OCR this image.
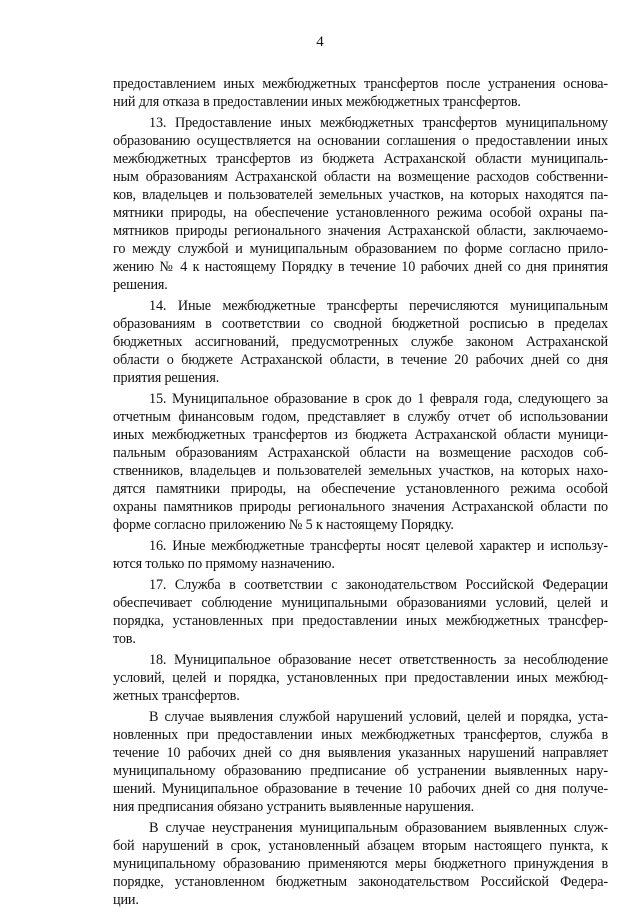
4
предоставлением иных межбюджетных трансфертов после устранения основа-
ний для отказа в предоставлении иных межбюджетных трансфертов.
13. Предоставление иных межбюджетных трансфертов муниципальному
образованию осуществляется на основании соглашения о предоставлении иных
межбюджетных трансфертов из бюджета Астраханской области муниципаль-
ным образованиям Астраханской области на возмещение расходов собственни-
ков, владельцев и пользователей земельных участков, на которых находятся па-
мятники природы, на обеспечение установленного режима особой охраны па-
мятников природы регионального значения Астраханской области, заключаемо-
го между службой и муниципальным образованием по форме согласно прило-
жению № 4 к настоящему Порядку в течение 10 рабочих дней со дня принятия
решения.
14. Иные межбюджетные трансферты перечисляются муниципальным
образованиям в соответствии со сводной бюджетной росписью в пределах
бюджетных ассигнований, предусмотренных службе законом Астраханской
области о бюджете Астраханской области, в течение 20 рабочих дней со дня
приятия решения.
15. Муниципальное образование в срок до 1 февраля года, следующего за
отчетным финансовым годом, представляет в службу отчет об использовании
иных межбюджетных трансфертов из бюджета Астраханской области муници-
пальным образованиям Астраханской области на возмещение расходов соб-
ственников, владельцев и пользователей земельных участков, на которых нахо-
дятся памятники природы, на обеспечение установленного режима особой
охраны памятников природы регионального значения Астраханской области по
форме согласно приложению № 5 к настоящему Порядку.
16. Иные межбюджетные трансферты носят целевой характер и использу-
ются только по прямому назначению.
17. Служба в соответствии с законодательством Российской Федерации
обеспечивает соблюдение муниципальными образованиями условий, целей и
порядка, установленных при предоставлении иных межбюджетных трансфер-
тов.
18. Муниципальное образование несет ответственность за несоблюдение
условий, целей и порядка, установленных при предоставлении иных межбюд-
жетных трансфертов.
В случае выявления службой нарушений условий, целей и порядка, уста-
новленных при предоставлении иных межбюджетных трансфертов, служба в
течение 10 рабочих дней со дня выявления указанных нарушений направляет
муниципальному образованию предписание об устранении выявленных нару-
шений. Муниципальное образование в течение 10 рабочих дней со дня получе-
ния предписания обязано устранить выявленные нарушения.
В случае неустранения муниципальным образованием выявленных служ-
бой нарушений в срок, установленный абзацем вторым настоящего пункта, к
муниципальному образованию применяются меры бюджетного принуждения в
порядке, установленном бюджетным законодательством Российской Федера-
ции.
